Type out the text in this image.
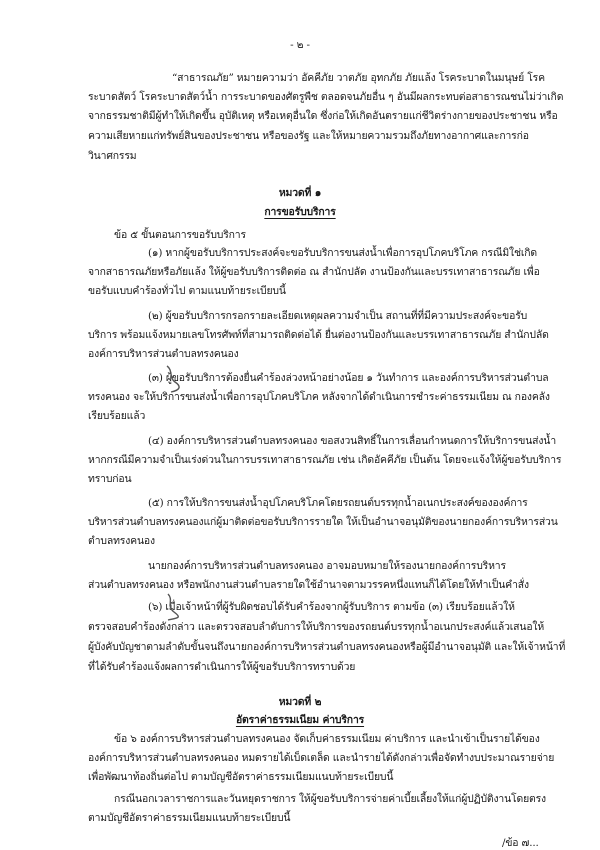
- ๒ -
“สาธารณภัย” หมายความว่า อัคคีภัย วาตภัย อุทกภัย ภัยแล้ง โรคระบาดในมนุษย์ โรค
ระบาดสัตว์ โรคระบาดสัตว์น้ำ การระบาดของศัตรูพืช ตลอดจนภัยอื่น ๆ อันมีผลกระทบต่อสาธารณชนไม่ว่าเกิด
จากธรรมชาติมีผู้ทำให้เกิดขึ้น อุบัติเหตุ หรือเหตุอื่นใด ซึ่งก่อให้เกิดอันตรายแก่ชีวิตร่างกายของประชาชน หรือ
ความเสียหายแก่ทรัพย์สินของประชาชน หรือของรัฐ และให้หมายความรวมถึงภัยทางอากาศและการก่อ
วินาศกรรม
หมวดที่ ๑
การขอรับบริการ
ข้อ ๕ ขั้นตอนการขอรับบริการ
(๑) หากผู้ขอรับบริการประสงค์จะขอรับบริการขนส่งน้ำเพื่อการอุปโภคบริโภค กรณีมิใช่เกิด
จากสาธารณภัยหรือภัยแล้ง ให้ผู้ขอรับบริการติดต่อ ณ สำนักปลัด งานป้องกันและบรรเทาสาธารณภัย เพื่อ
ขอรับแบบคำร้องทั่วไป ตามแนบท้ายระเบียบนี้
(๒) ผู้ขอรับบริการกรอกรายละเอียดเหตุผลความจำเป็น สถานที่ที่มีความประสงค์จะขอรับ
บริการ พร้อมแจ้งหมายเลขโทรศัพท์ที่สามารถติดต่อได้ ยื่นต่องานป้องกันและบรรเทาสาธารณภัย สำนักปลัด
องค์การบริหารส่วนตำบลทรงคนอง
(๓) ผู้ขอรับบริการต้องยื่นคำร้องล่วงหน้าอย่างน้อย ๑ วันทำการ และองค์การบริหารส่วนตำบล
ทรงคนอง จะให้บริการขนส่งน้ำเพื่อการอุปโภคบริโภค หลังจากได้ดำเนินการชำระค่าธรรมเนียม ณ กองคลัง
เรียบร้อยแล้ว
(๔) องค์การบริหารส่วนตำบลทรงคนอง ขอสงวนสิทธิ์ในการเลื่อนกำหนดการให้บริการขนส่งน้ำ
หากกรณีมีความจำเป็นเร่งด่วนในการบรรเทาสาธารณภัย เช่น เกิดอัคคีภัย เป็นต้น โดยจะแจ้งให้ผู้ขอรับบริการ
ทราบก่อน
(๕) การให้บริการขนส่งน้ำอุปโภคบริโภคโดยรถยนต์บรรทุกน้ำอเนกประสงค์ขององค์การ
บริหารส่วนตำบลทรงคนองแก่ผู้มาติดต่อขอรับบริการรายใด ให้เป็นอำนาจอนุมัติของนายกองค์การบริหารส่วน
ตำบลทรงคนอง
นายกองค์การบริหารส่วนตำบลทรงคนอง อาจมอบหมายให้รองนายกองค์การบริหาร
ส่วนตำบลทรงคนอง หรือพนักงานส่วนตำบลรายใดใช้อำนาจตามวรรคหนึ่งแทนก็ได้โดยให้ทำเป็นคำสั่ง
(๖) เมื่อเจ้าหน้าที่ผู้รับผิดชอบได้รับคำร้องจากผู้รับบริการ ตามข้อ (๓) เรียบร้อยแล้วให้
ตรวจสอบคำร้องดังกล่าว และตรวจสอบลำดับการให้บริการของรถยนต์บรรทุกน้ำอเนกประสงค์แล้วเสนอให้
ผู้บังคับบัญชาตามลำดับขั้นจนถึงนายกองค์การบริหารส่วนตำบลทรงคนองหรือผู้มีอำนาจอนุมัติ และให้เจ้าหน้าที่
ที่ได้รับคำร้องแจ้งผลการดำเนินการให้ผู้ขอรับบริการทราบด้วย
หมวดที่ ๒
อัตราค่าธรรมเนียม ค่าบริการ
ข้อ ๖ องค์การบริหารส่วนตำบลทรงคนอง จัดเก็บค่าธรรมเนียม ค่าบริการ และนำเข้าเป็นรายได้ของ
องค์การบริหารส่วนตำบลทรงคนอง หมดรายได้เบ็ดเตล็ด และนำรายได้ดังกล่าวเพื่อจัดทำงบประมาณรายจ่าย
เพื่อพัฒนาท้องถิ่นต่อไป ตามบัญชีอัตราค่าธรรมเนียมแนบท้ายระเบียบนี้
กรณีนอกเวลาราชการและวันหยุดราชการ ให้ผู้ขอรับบริการจ่ายค่าเบี้ยเลี้ยงให้แก่ผู้ปฏิบัติงานโดยตรง
ตามบัญชีอัตราค่าธรรมเนียมแนบท้ายระเบียบนี้
/ข้อ ๗...
